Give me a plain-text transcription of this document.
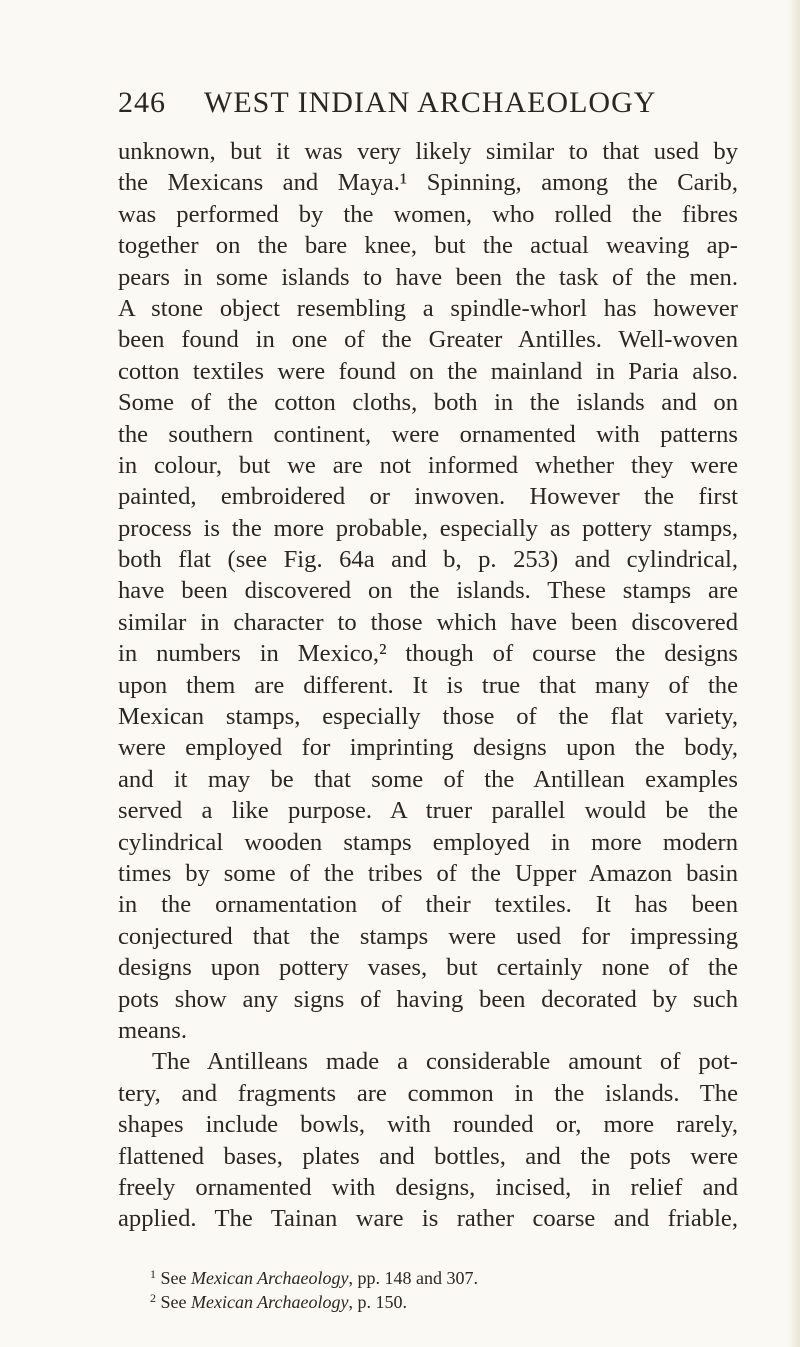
246 WEST INDIAN ARCHAEOLOGY
unknown, but it was very likely similar to that used by
the Mexicans and Maya.¹ Spinning, among the Carib,
was performed by the women, who rolled the fibres
together on the bare knee, but the actual weaving ap-
pears in some islands to have been the task of the men.
A stone object resembling a spindle-whorl has however
been found in one of the Greater Antilles. Well-woven
cotton textiles were found on the mainland in Paria also.
Some of the cotton cloths, both in the islands and on
the southern continent, were ornamented with patterns
in colour, but we are not informed whether they were
painted, embroidered or inwoven. However the first
process is the more probable, especially as pottery stamps,
both flat (see Fig. 64a and b, p. 253) and cylindrical,
have been discovered on the islands. These stamps are
similar in character to those which have been discovered
in numbers in Mexico,² though of course the designs
upon them are different. It is true that many of the
Mexican stamps, especially those of the flat variety,
were employed for imprinting designs upon the body,
and it may be that some of the Antillean examples
served a like purpose. A truer parallel would be the
cylindrical wooden stamps employed in more modern
times by some of the tribes of the Upper Amazon basin
in the ornamentation of their textiles. It has been
conjectured that the stamps were used for impressing
designs upon pottery vases, but certainly none of the
pots show any signs of having been decorated by such
means.
The Antilleans made a considerable amount of pot-
tery, and fragments are common in the islands. The
shapes include bowls, with rounded or, more rarely,
flattened bases, plates and bottles, and the pots were
freely ornamented with designs, incised, in relief and
applied. The Tainan ware is rather coarse and friable,
$^1$ See Mexican Archaeology, pp. 148 and 307.
$^2$ See Mexican Archaeology, p. 150.
